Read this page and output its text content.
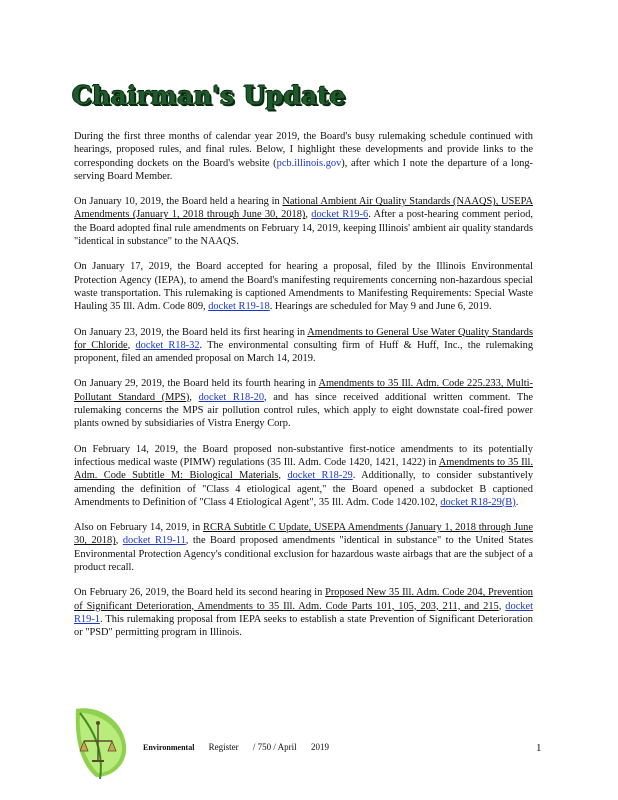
Chairman's Update

During the first three months of calendar year 2019, the Board's busy rulemaking schedule continued with hearings, proposed rules, and final rules. Below, I highlight these developments and provide links to the corresponding dockets on the Board's website (pcb.illinois.gov), after which I note the departure of a long-serving Board Member.

On January 10, 2019, the Board held a hearing in National Ambient Air Quality Standards (NAAQS), USEPA Amendments (January 1, 2018 through June 30, 2018), docket R19-6. After a post-hearing comment period, the Board adopted final rule amendments on February 14, 2019, keeping Illinois' ambient air quality standards "identical in substance" to the NAAQS.

On January 17, 2019, the Board accepted for hearing a proposal, filed by the Illinois Environmental Protection Agency (IEPA), to amend the Board's manifesting requirements concerning non-hazardous special waste transportation. This rulemaking is captioned Amendments to Manifesting Requirements: Special Waste Hauling 35 Ill. Adm. Code 809, docket R19-18. Hearings are scheduled for May 9 and June 6, 2019.

On January 23, 2019, the Board held its first hearing in Amendments to General Use Water Quality Standards for Chloride, docket R18-32. The environmental consulting firm of Huff & Huff, Inc., the rulemaking proponent, filed an amended proposal on March 14, 2019.

On January 29, 2019, the Board held its fourth hearing in Amendments to 35 Ill. Adm. Code 225.233, Multi-Pollutant Standard (MPS), docket R18-20, and has since received additional written comment. The rulemaking concerns the MPS air pollution control rules, which apply to eight downstate coal-fired power plants owned by subsidiaries of Vistra Energy Corp.

On February 14, 2019, the Board proposed non-substantive first-notice amendments to its potentially infectious medical waste (PIMW) regulations (35 Ill. Adm. Code 1420, 1421, 1422) in Amendments to 35 Ill. Adm. Code Subtitle M: Biological Materials, docket R18-29. Additionally, to consider substantively amending the definition of "Class 4 etiological agent," the Board opened a subdocket B captioned Amendments to Definition of "Class 4 Etiological Agent", 35 Ill. Adm. Code 1420.102, docket R18-29(B).

Also on February 14, 2019, in RCRA Subtitle C Update, USEPA Amendments (January 1, 2018 through June 30, 2018), docket R19-11, the Board proposed amendments "identical in substance" to the United States Environmental Protection Agency's conditional exclusion for hazardous waste airbags that are the subject of a product recall.

On February 26, 2019, the Board held its second hearing in Proposed New 35 Ill. Adm. Code 204, Prevention of Significant Deterioration, Amendments to 35 Ill. Adm. Code Parts 101, 105, 203, 211, and 215, docket R19-1. This rulemaking proposal from IEPA seeks to establish a state Prevention of Significant Deterioration or "PSD" permitting program in Illinois.

Environmental Register / 750 / April 2019	1
